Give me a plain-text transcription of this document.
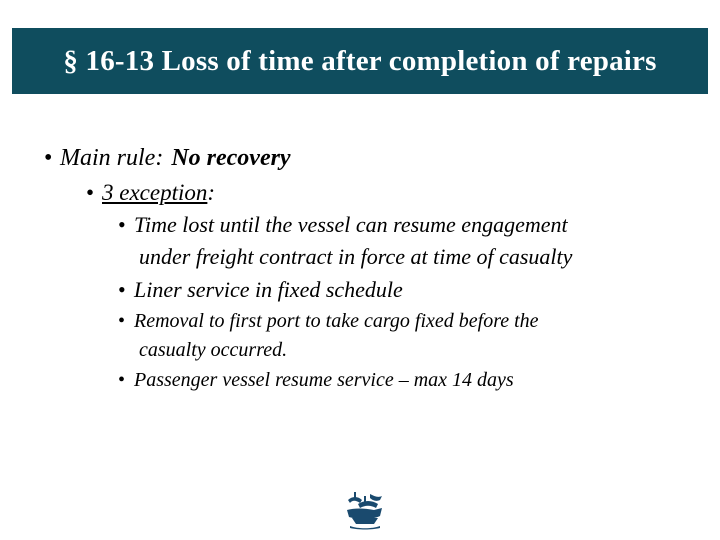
§ 16-13 Loss of time after completion of repairs
• Main rule: No recovery
• 3 exception :
• Time lost until the vessel can resume engagement
under freight contract in force at time of casualty
• Liner service in fixed schedule
• Removal to first port to take cargo fixed before the
casualty occurred.
• Passenger vessel resume service – max 14 days
